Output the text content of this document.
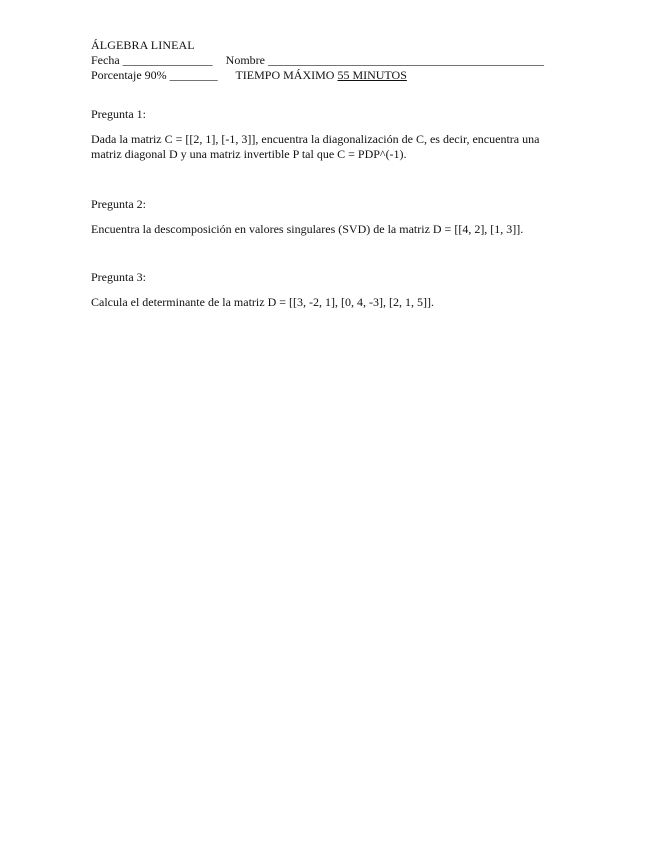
ÁLGEBRA LINEAL
Fecha _______________ Nombre ______________________________________________
Porcentaje 90% ________ TIEMPO MÁXIMO 55 MINUTOS

Pregunta 1:

Dada la matriz C = [[2, 1], [-1, 3]], encuentra la diagonalización de C, es decir, encuentra una matriz diagonal D y una matriz invertible P tal que C = PDP^(-1).

Pregunta 2:

Encuentra la descomposición en valores singulares (SVD) de la matriz D = [[4, 2], [1, 3]].

Pregunta 3:

Calcula el determinante de la matriz D = [[3, -2, 1], [0, 4, -3], [2, 1, 5]].
